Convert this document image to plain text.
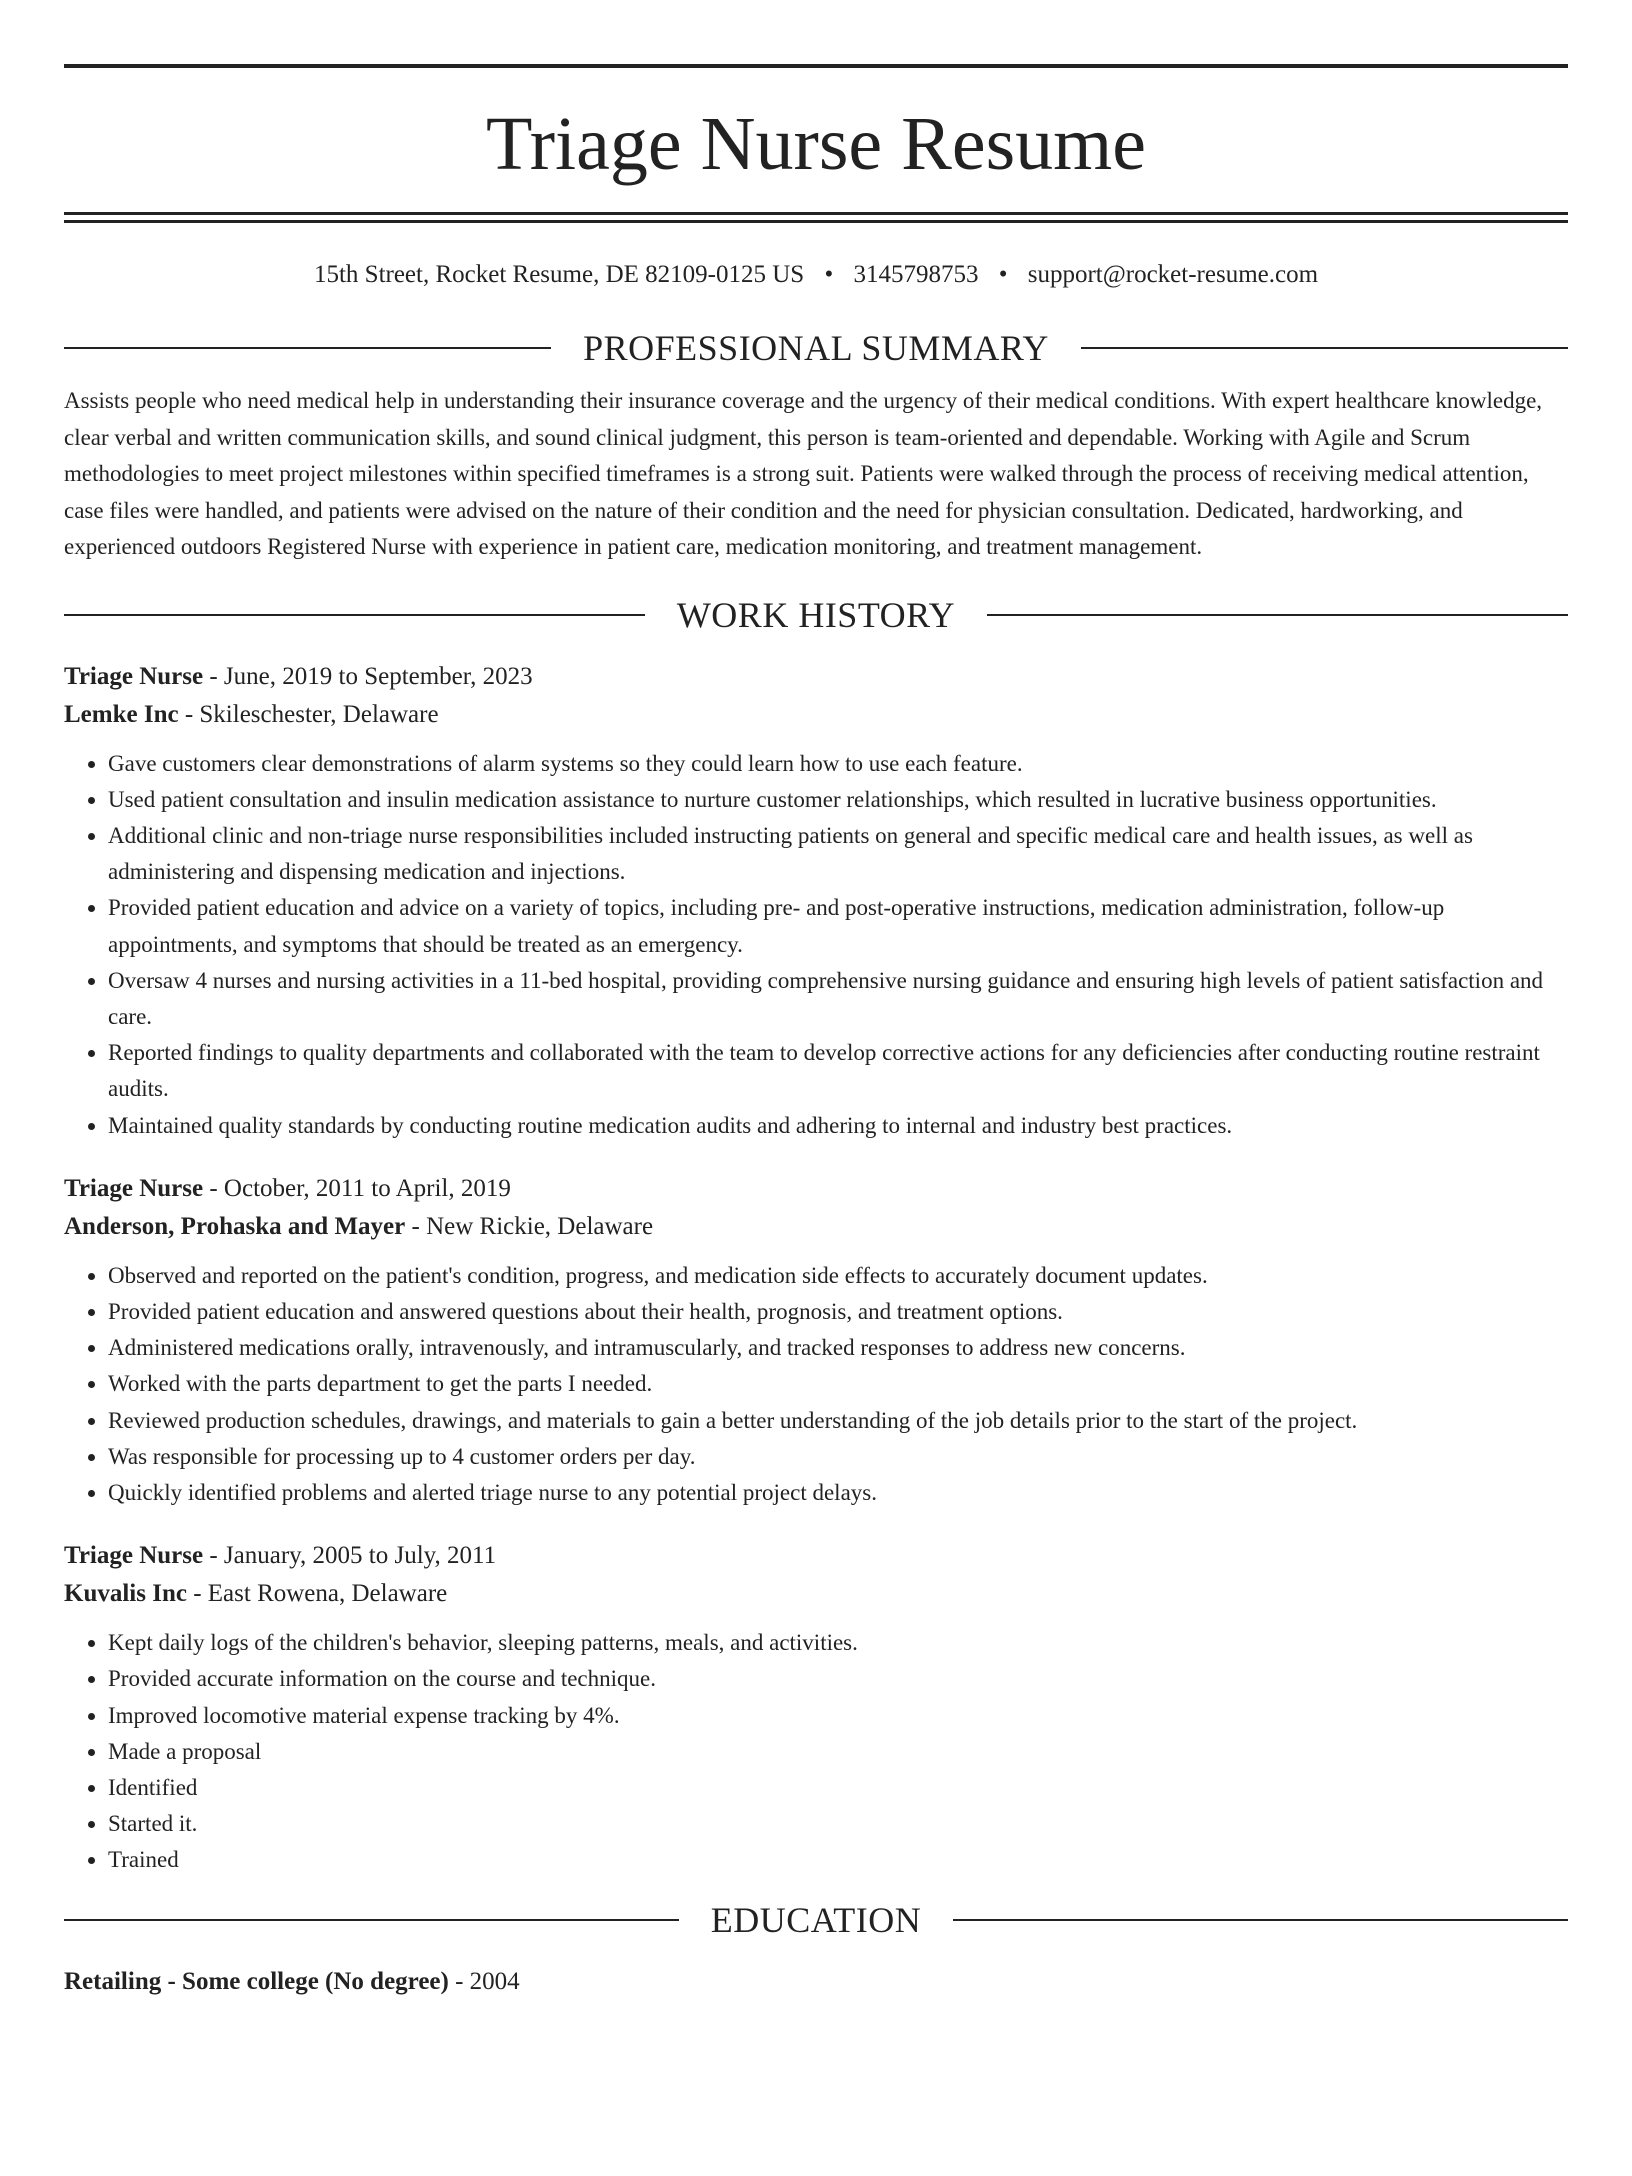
Triage Nurse Resume
15th Street, Rocket Resume, DE 82109-0125 US • 3145798753 • support@rocket-resume.com
PROFESSIONAL SUMMARY

Assists people who need medical help in understanding their insurance coverage and the urgency of their medical conditions. With expert healthcare knowledge, clear verbal and written communication skills, and sound clinical judgment, this person is team-oriented and dependable. Working with Agile and Scrum methodologies to meet project milestones within specified timeframes is a strong suit. Patients were walked through the process of receiving medical attention, case files were handled, and patients were advised on the nature of their condition and the need for physician consultation. Dedicated, hardworking, and experienced outdoors Registered Nurse with experience in patient care, medication monitoring, and treatment management.

WORK HISTORY
Triage Nurse - June, 2019 to September, 2023
Lemke Inc - Skileschester, Delaware
• Gave customers clear demonstrations of alarm systems so they could learn how to use each feature.
• Used patient consultation and insulin medication assistance to nurture customer relationships, which resulted in lucrative business opportunities.
• Additional clinic and non-triage nurse responsibilities included instructing patients on general and specific medical care and health issues, as well as administering and dispensing medication and injections.
• Provided patient education and advice on a variety of topics, including pre- and post-operative instructions, medication administration, follow-up appointments, and symptoms that should be treated as an emergency.
• Oversaw 4 nurses and nursing activities in a 11-bed hospital, providing comprehensive nursing guidance and ensuring high levels of patient satisfaction and care.
• Reported findings to quality departments and collaborated with the team to develop corrective actions for any deficiencies after conducting routine restraint audits.
• Maintained quality standards by conducting routine medication audits and adhering to internal and industry best practices.
Triage Nurse - October, 2011 to April, 2019
Anderson, Prohaska and Mayer - New Rickie, Delaware
• Observed and reported on the patient's condition, progress, and medication side effects to accurately document updates.
• Provided patient education and answered questions about their health, prognosis, and treatment options.
• Administered medications orally, intravenously, and intramuscularly, and tracked responses to address new concerns.
• Worked with the parts department to get the parts I needed.
• Reviewed production schedules, drawings, and materials to gain a better understanding of the job details prior to the start of the project.
• Was responsible for processing up to 4 customer orders per day.
• Quickly identified problems and alerted triage nurse to any potential project delays.
Triage Nurse - January, 2005 to July, 2011
Kuvalis Inc - East Rowena, Delaware
• Kept daily logs of the children's behavior, sleeping patterns, meals, and activities.
• Provided accurate information on the course and technique.
• Improved locomotive material expense tracking by 4%.
• Made a proposal
• Identified
• Started it.
• Trained
EDUCATION
Retailing - Some college (No degree) - 2004
